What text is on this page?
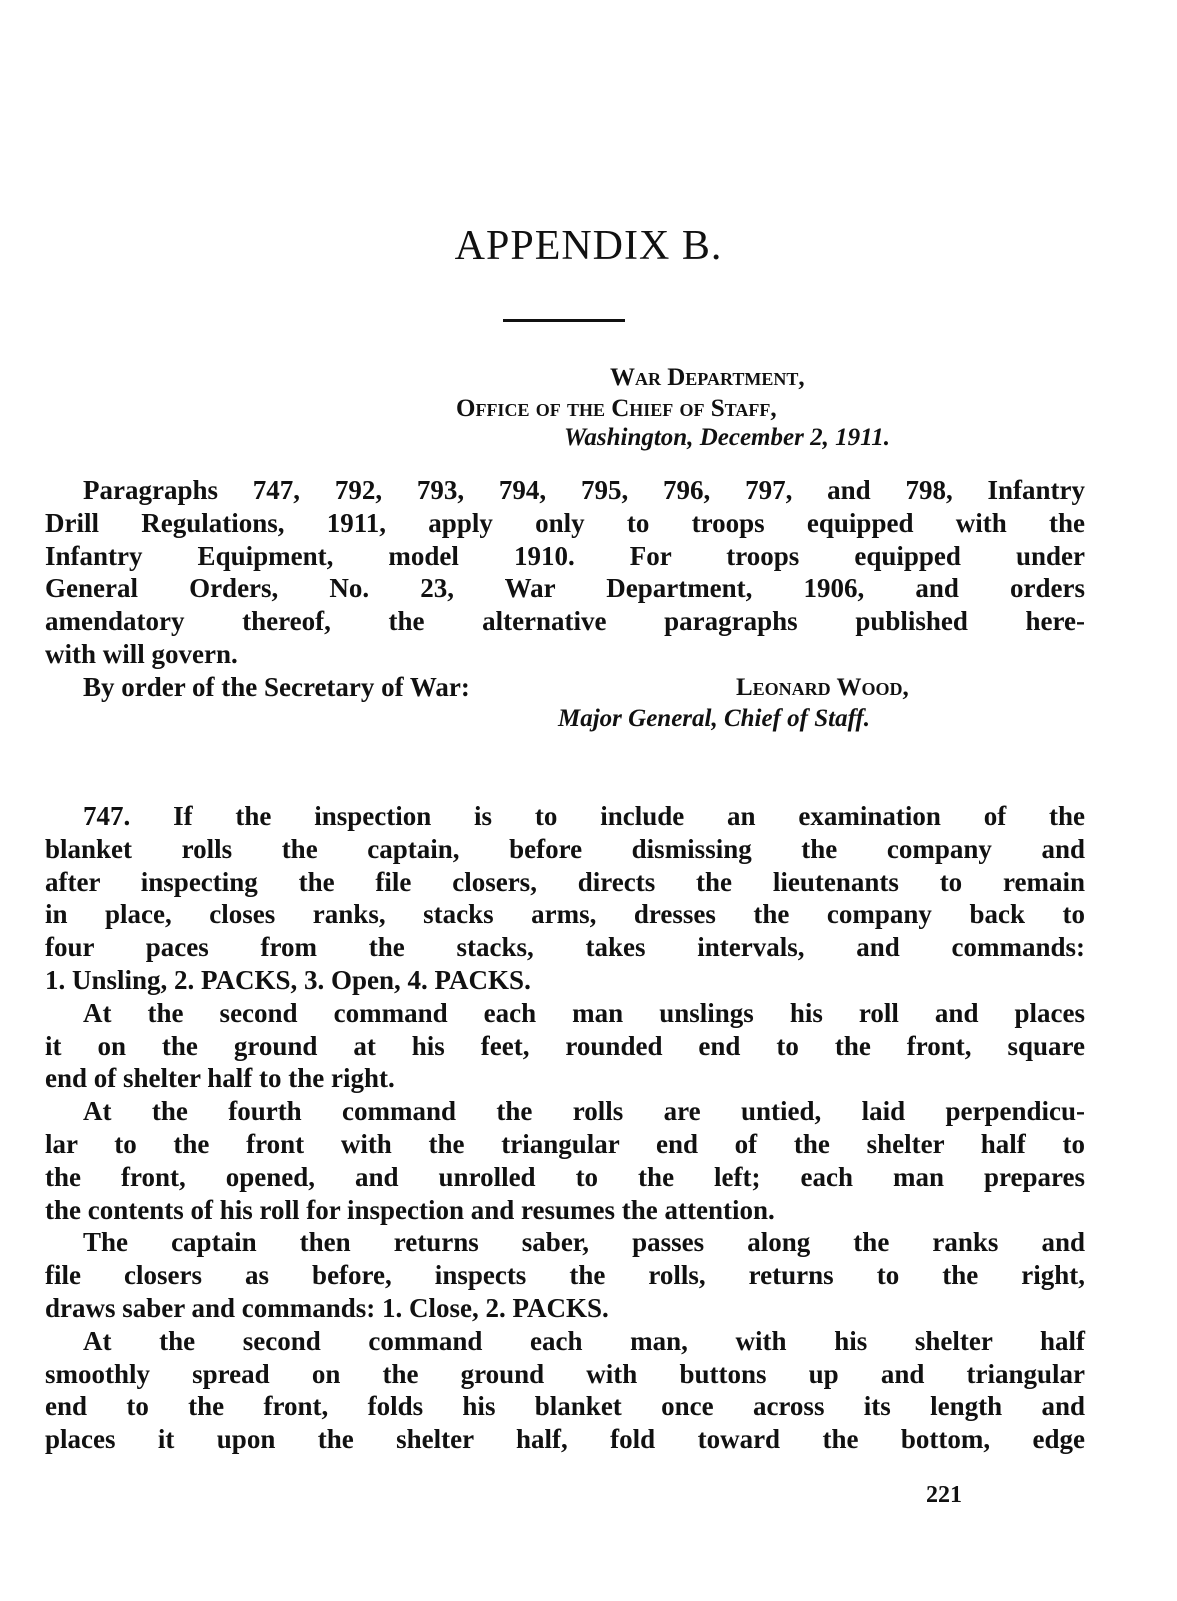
APPENDIX B.
War Department,
Office of the Chief of Staff,
Washington, December 2, 1911.
Paragraphs 747, 792, 793, 794, 795, 796, 797, and 798, Infantry
Drill Regulations, 1911, apply only to troops equipped with the
Infantry Equipment, model 1910. For troops equipped under
General Orders, No. 23, War Department, 1906, and orders
amendatory thereof, the alternative paragraphs published here-
with will govern.
By order of the Secretary of War:	Leonard Wood,
Major General, Chief of Staff.
747. If the inspection is to include an examination of the
blanket rolls the captain, before dismissing the company and
after inspecting the file closers, directs the lieutenants to remain
in place, closes ranks, stacks arms, dresses the company back to
four paces from the stacks, takes intervals, and commands:
1. Unsling, 2. PACKS, 3. Open, 4. PACKS.
At the second command each man unslings his roll and places
it on the ground at his feet, rounded end to the front, square
end of shelter half to the right.
At the fourth command the rolls are untied, laid perpendicu-
lar to the front with the triangular end of the shelter half to
the front, opened, and unrolled to the left; each man prepares
the contents of his roll for inspection and resumes the attention.
The captain then returns saber, passes along the ranks and
file closers as before, inspects the rolls, returns to the right,
draws saber and commands: 1. Close, 2. PACKS.
At the second command each man, with his shelter half
smoothly spread on the ground with buttons up and triangular
end to the front, folds his blanket once across its length and
places it upon the shelter half, fold toward the bottom, edge
221
